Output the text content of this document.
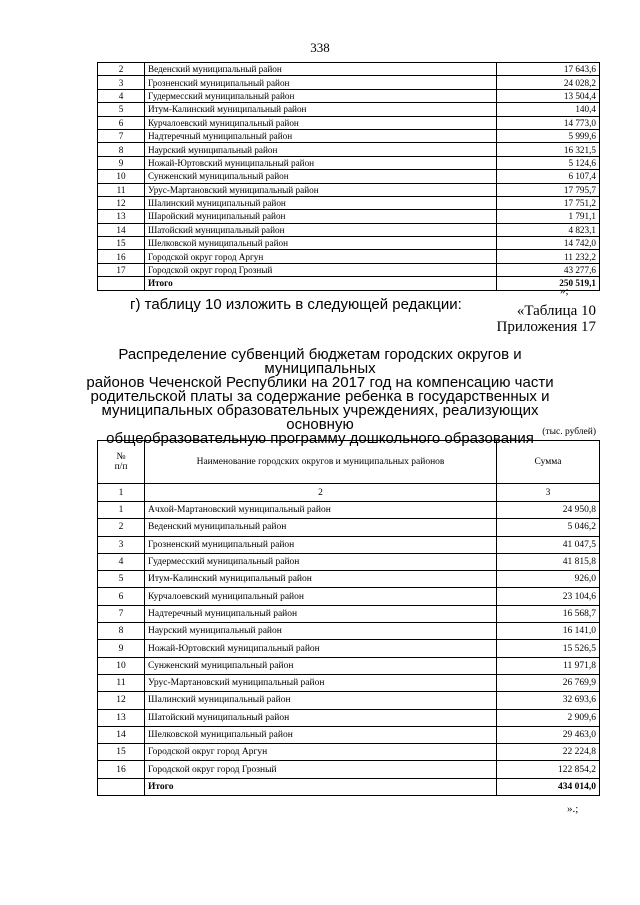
338
2	Веденский муниципальный район	17 643,6
3	Грозненский муниципальный район	24 028,2
4	Гудермесский муниципальный район	13 504,4
5	Итум-Калинский муниципальный район	140,4
6	Курчалоевский муниципальный район	14 773,0
7	Надтеречный муниципальный район	5 999,6
8	Наурский муниципальный район	16 321,5
9	Ножай-Юртовский муниципальный район	5 124,6
10	Сунженский муниципальный район	6 107,4
11	Урус-Мартановский муниципальный район	17 795,7
12	Шалинский муниципальный район	17 751,2
13	Шаройский муниципальный район	1 791,1
14	Шатойский муниципальный район	4 823,1
15	Шелковской муниципальный район	14 742,0
16	Городской округ город Аргун	11 232,2
17	Городской округ город Грозный	43 277,6
	Итого	250 519,1
»;
г) таблицу 10 изложить в следующей редакции:	«Таблица 10
Приложения 17
Распределение субвенций бюджетам городских округов и муниципальных
районов Чеченской Республики на 2017 год на компенсацию части
родительской платы за содержание ребенка в государственных и
муниципальных образовательных учреждениях, реализующих основную
общеобразовательную программу дошкольного образования (тыс. рублей)
№
п/п	Наименование городских округов и муниципальных районов	Сумма
1	2	3
1	Ачхой-Мартановский муниципальный район	24 950,8
2	Веденский муниципальный район	5 046,2
3	Грозненский муниципальный район	41 047,5
4	Гудермесский муниципальный район	41 815,8
5	Итум-Калинский муниципальный район	926,0
6	Курчалоевский муниципальный район	23 104,6
7	Надтеречный муниципальный район	16 568,7
8	Наурский муниципальный район	16 141,0
9	Ножай-Юртовский муниципальный район	15 526,5
10	Сунженский муниципальный район	11 971,8
11	Урус-Мартановский муниципальный район	26 769,9
12	Шалинский муниципальный район	32 693,6
13	Шатойский муниципальный район	2 909,6
14	Шелковской муниципальный район	29 463,0
15	Городской округ город Аргун	22 224,8
16	Городской округ город Грозный	122 854,2
	Итого	434 014,0
».;
